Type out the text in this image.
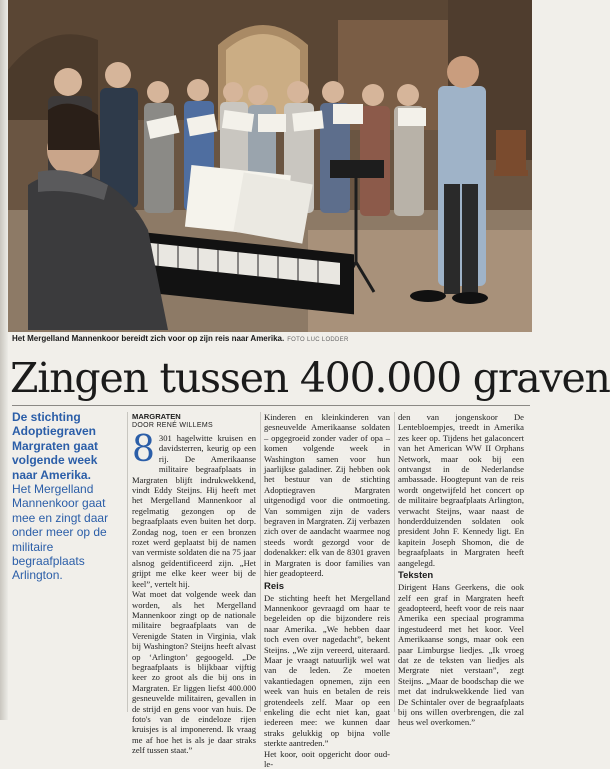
Het Mergelland Mannenkoor bereidt zich voor op zijn reis naar Amerika. FOTO LUC LODDER
Zingen tussen 400.000 graven
De stichting Adoptiegraven Margraten gaat volgende week naar Amerika.
Het Mergelland Mannenkoor gaat mee en zingt daar onder meer op de militaire begraafplaats Arlington.
MARGRATEN
DOOR RENÉ WILLEMS

8 301 hagelwitte kruisen en davidsterren, keurig op een rij. De Amerikaanse militaire begraafplaats in Margraten blijft indrukwekkend, vindt Eddy Steijns. Hij heeft met het Mergelland Mannenkoor al regelmatig gezongen op de begraafplaats even buiten het dorp. Zondag nog, toen er een bronzen rozet werd geplaatst bij de namen van vermiste soldaten die na 75 jaar alsnog geïdentificeerd zijn. „Het grijpt me elke keer weer bij de keel”, vertelt hij.

Wat moet dat volgende week dan worden, als het Mergelland Mannenkoor zingt op de nationale militaire begraafplaats van de Verenigde Staten in Virginia, vlak bij Washington? Steijns heeft alvast op ‘Arlington’ gegoogeld. „De begraafplaats is blijkbaar vijftig keer zo groot als die bij ons in Margraten. Er liggen liefst 400.000 gesneuvelde militairen, gevallen in de strijd en gens voor van huis. De foto's van de eindeloze rijen kruisjes is al imponerend. Ik vraag me af hoe het is als je daar straks zelf tussen staat.”

Kinderen en kleinkinderen van gesneuvelde Amerikaanse soldaten – opgegroeid zonder vader of opa – komen volgende week in Washington samen voor hun jaarlijkse galadiner. Zij hebben ook het bestuur van de stichting Adoptiegraven Margraten uitgenodigd voor die ontmoeting. Van sommigen zijn de vaders begraven in Margraten. Zij verbazen zich over de aandacht waarmee nog steeds wordt gezorgd voor de dodenakker: elk van de 8301 graven in Margraten is door families van hier geadopteerd.

Reis

De stichting heeft het Mergelland Mannenkoor gevraagd om haar te begeleiden op die bijzondere reis naar Amerika. „We hebben daar toch even over nagedacht”, bekent Steijns. „We zijn vereerd, uiteraard. Maar je vraagt natuurlijk wel wat van de leden. Ze moeten vakantiedagen opnemen, zijn een week van huis en betalen de reis grotendeels zelf. Maar op een enkeling die echt niet kan, gaat iedereen mee: we kunnen daar straks gelukkig op bijna volle sterkte aantreden.”

Het koor, ooit opgericht door oud-le-

den van jongenskoor De Lentebloempjes, treedt in Amerika zes keer op. Tijdens het galaconcert van het American WW II Orphans Network, maar ook bij een ontvangst in de Nederlandse ambassade. Hoogtepunt van de reis wordt ongetwijfeld het concert op de militaire begraafplaats Arlington, verwacht Steijns, waar naast de honderdduizenden soldaten ook president John F. Kennedy ligt. En kapitein Joseph Shomon, die de begraafplaats in Margraten heeft aangelegd.

Teksten

Dirigent Hans Geerkens, die ook zelf een graf in Margraten heeft geadopteerd, heeft voor de reis naar Amerika een speciaal programma ingestudeerd met het koor. Veel Amerikaanse songs, maar ook een paar Limburgse liedjes. „Ik vroeg dat ze de teksten van liedjes als Mergrate niet verstaan”, zegt Steijns. „Maar de boodschap die we met dat indrukwekkende lied van De Schintaler over de begraafplaats bij ons willen overbrengen, die zal heus wel overkomen.”
